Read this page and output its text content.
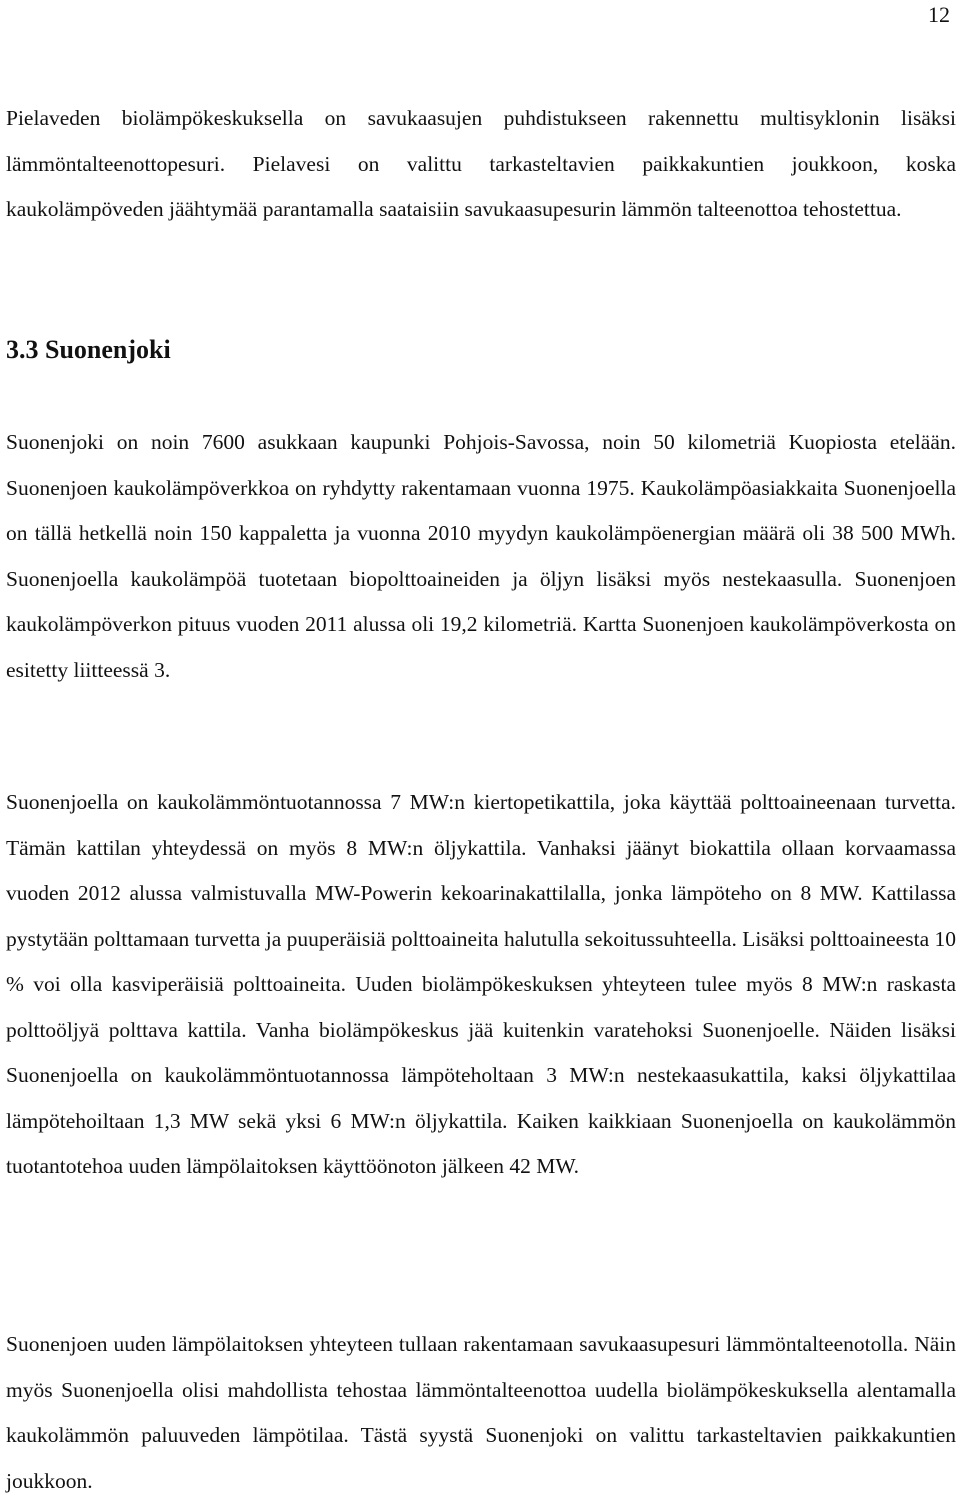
12

Pielaveden biolämpökeskuksella on savukaasujen puhdistukseen rakennettu multisyklonin lisäksi lämmöntalteenottopesuri. Pielavesi on valittu tarkasteltavien paikkakuntien joukkoon, koska kaukolämpöveden jäähtymää parantamalla saataisiin savukaasupesurin lämmön talteenottoa tehostettua.

3.3 Suonenjoki

Suonenjoki on noin 7600 asukkaan kaupunki Pohjois-Savossa, noin 50 kilometriä Kuopiosta etelään. Suonenjoen kaukolämpöverkkoa on ryhdytty rakentamaan vuonna 1975. Kaukolämpöasiakkaita Suonenjoella on tällä hetkellä noin 150 kappaletta ja vuonna 2010 myydyn kaukolämpöenergian määrä oli 38 500 MWh. Suonenjoella kaukolämpöä tuotetaan biopolttoaineiden ja öljyn lisäksi myös nestekaasulla. Suonenjoen kaukolämpöverkon pituus vuoden 2011 alussa oli 19,2 kilometriä. Kartta Suonenjoen kaukolämpöverkosta on esitetty liitteessä 3.

Suonenjoella on kaukolämmöntuotannossa 7 MW:n kiertopetikattila, joka käyttää polttoaineenaan turvetta. Tämän kattilan yhteydessä on myös 8 MW:n öljykattila. Vanhaksi jäänyt biokattila ollaan korvaamassa vuoden 2012 alussa valmistuvalla MW-Powerin kekoarinakattilalla, jonka lämpöteho on 8 MW. Kattilassa pystytään polttamaan turvetta ja puuperäisiä polttoaineita halutulla sekoitussuhteella. Lisäksi polttoaineesta 10 % voi olla kasviperäisiä polttoaineita. Uuden biolämpökeskuksen yhteyteen tulee myös 8 MW:n raskasta polttoöljyä polttava kattila. Vanha biolämpökeskus jää kuitenkin varatehoksi Suonenjoelle. Näiden lisäksi Suonenjoella on kaukolämmöntuotannossa lämpöteholtaan 3 MW:n nestekaasukattila, kaksi öljykattilaa lämpötehoiltaan 1,3 MW sekä yksi 6 MW:n öljykattila. Kaiken kaikkiaan Suonenjoella on kaukolämmön tuotantotehoa uuden lämpölaitoksen käyttöönoton jälkeen 42 MW.

Suonenjoen uuden lämpölaitoksen yhteyteen tullaan rakentamaan savukaasupesuri lämmöntalteenotolla. Näin myös Suonenjoella olisi mahdollista tehostaa lämmöntalteenottoa uudella biolämpökeskuksella alentamalla kaukolämmön paluuveden lämpötilaa. Tästä syystä Suonenjoki on valittu tarkasteltavien paikkakuntien joukkoon.
